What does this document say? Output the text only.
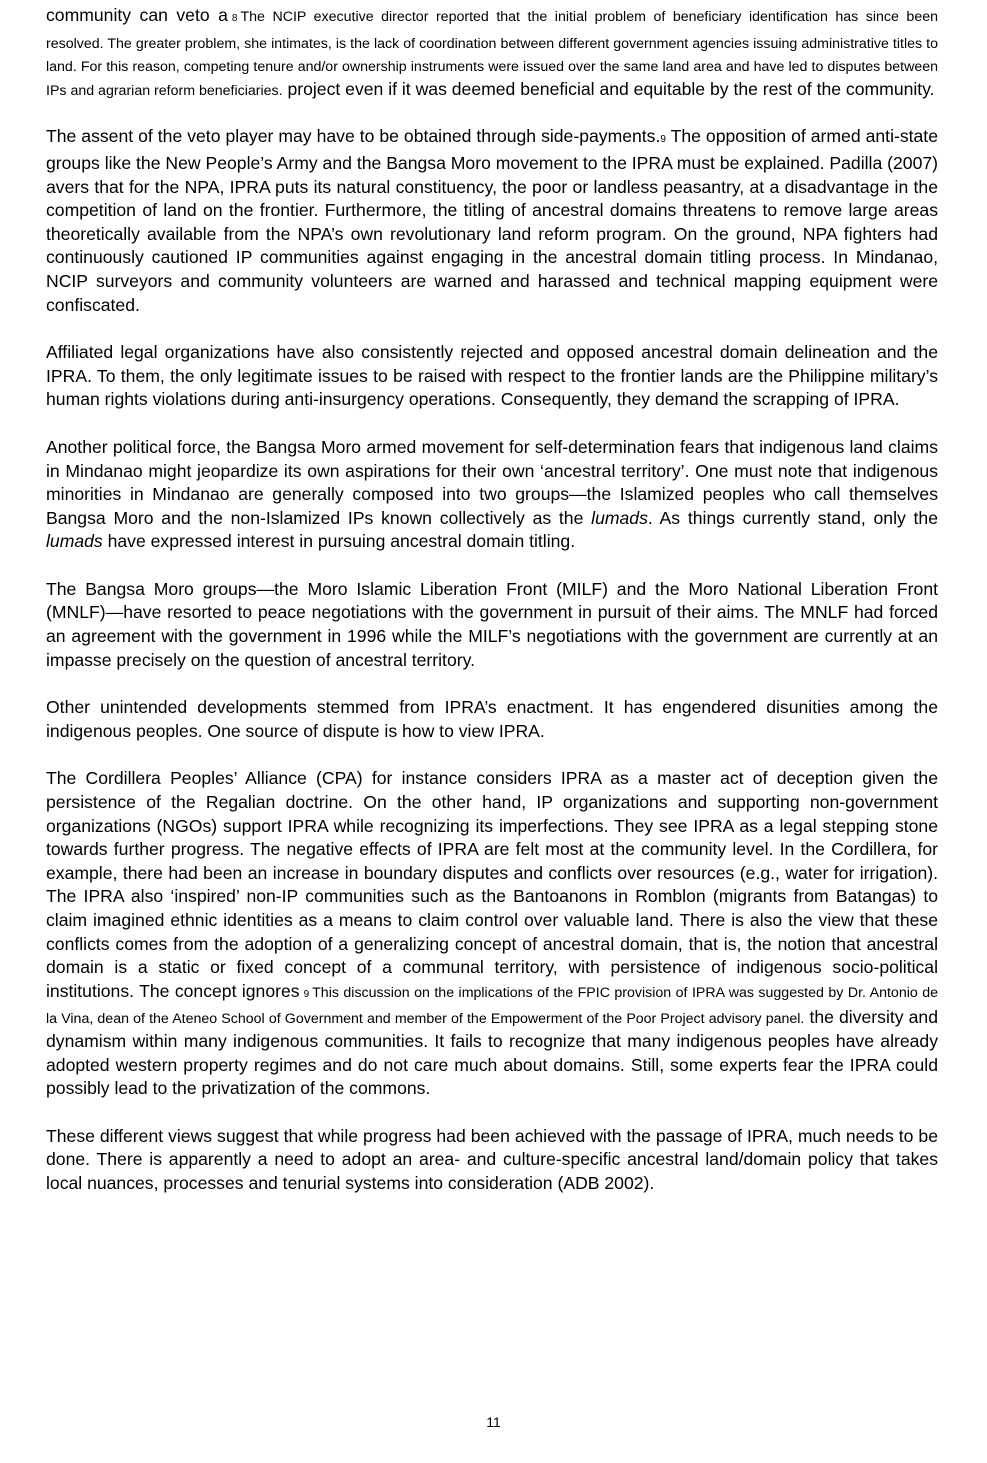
community can veto a 8 The NCIP executive director reported that the initial problem of beneficiary identification has since been resolved. The greater problem, she intimates, is the lack of coordination between different government agencies issuing administrative titles to land. For this reason, competing tenure and/or ownership instruments were issued over the same land area and have led to disputes between IPs and agrarian reform beneficiaries. project even if it was deemed beneficial and equitable by the rest of the community.

The assent of the veto player may have to be obtained through side-payments.9 The opposition of armed anti-state groups like the New People’s Army and the Bangsa Moro movement to the IPRA must be explained. Padilla (2007) avers that for the NPA, IPRA puts its natural constituency, the poor or landless peasantry, at a disadvantage in the competition of land on the frontier. Furthermore, the titling of ancestral domains threatens to remove large areas theoretically available from the NPA’s own revolutionary land reform program. On the ground, NPA fighters had continuously cautioned IP communities against engaging in the ancestral domain titling process. In Mindanao, NCIP surveyors and community volunteers are warned and harassed and technical mapping equipment were confiscated.

Affiliated legal organizations have also consistently rejected and opposed ancestral domain delineation and the IPRA. To them, the only legitimate issues to be raised with respect to the frontier lands are the Philippine military’s human rights violations during anti-insurgency operations. Consequently, they demand the scrapping of IPRA.

Another political force, the Bangsa Moro armed movement for self-determination fears that indigenous land claims in Mindanao might jeopardize its own aspirations for their own ‘ancestral territory’. One must note that indigenous minorities in Mindanao are generally composed into two groups—the Islamized peoples who call themselves Bangsa Moro and the non-Islamized IPs known collectively as the lumads. As things currently stand, only the lumads have expressed interest in pursuing ancestral domain titling.

The Bangsa Moro groups—the Moro Islamic Liberation Front (MILF) and the Moro National Liberation Front (MNLF)—have resorted to peace negotiations with the government in pursuit of their aims. The MNLF had forced an agreement with the government in 1996 while the MILF’s negotiations with the government are currently at an impasse precisely on the question of ancestral territory.

Other unintended developments stemmed from IPRA’s enactment. It has engendered disunities among the indigenous peoples. One source of dispute is how to view IPRA.

The Cordillera Peoples’ Alliance (CPA) for instance considers IPRA as a master act of deception given the persistence of the Regalian doctrine. On the other hand, IP organizations and supporting non-government organizations (NGOs) support IPRA while recognizing its imperfections. They see IPRA as a legal stepping stone towards further progress. The negative effects of IPRA are felt most at the community level. In the Cordillera, for example, there had been an increase in boundary disputes and conflicts over resources (e.g., water for irrigation). The IPRA also ‘inspired’ non-IP communities such as the Bantoanons in Romblon (migrants from Batangas) to claim imagined ethnic identities as a means to claim control over valuable land. There is also the view that these conflicts comes from the adoption of a generalizing concept of ancestral domain, that is, the notion that ancestral domain is a static or fixed concept of a communal territory, with persistence of indigenous socio-political institutions. The concept ignores 9 This discussion on the implications of the FPIC provision of IPRA was suggested by Dr. Antonio de la Vina, dean of the Ateneo School of Government and member of the Empowerment of the Poor Project advisory panel. the diversity and dynamism within many indigenous communities. It fails to recognize that many indigenous peoples have already adopted western property regimes and do not care much about domains. Still, some experts fear the IPRA could possibly lead to the privatization of the commons.

These different views suggest that while progress had been achieved with the passage of IPRA, much needs to be done. There is apparently a need to adopt an area- and culture-specific ancestral land/domain policy that takes local nuances, processes and tenurial systems into consideration (ADB 2002).

11
